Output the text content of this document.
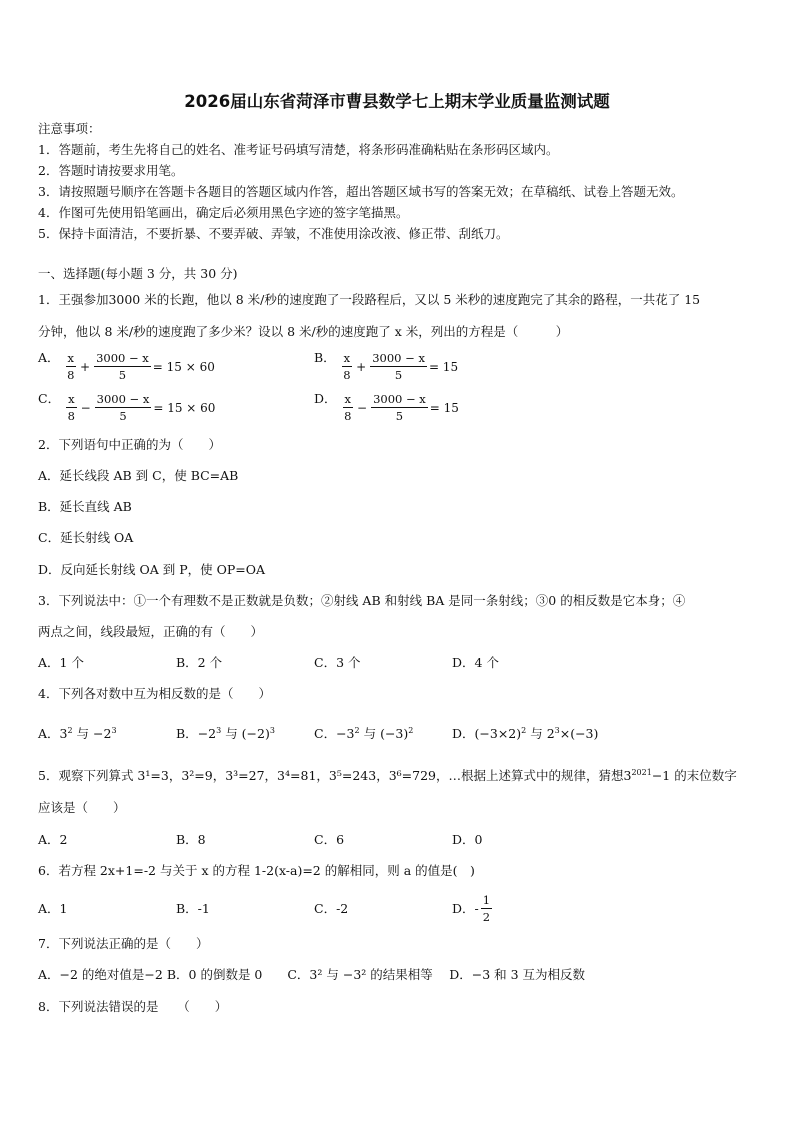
2026届山东省菏泽市曹县数学七上期末学业质量监测试题
注意事项：
1．答题前，考生先将自己的姓名、准考证号码填写清楚，将条形码准确粘贴在条形码区域内。
2．答题时请按要求用笔。
3．请按照题号顺序在答题卡各题目的答题区域内作答，超出答题区域书写的答案无效；在草稿纸、试卷上答题无效。
4．作图可先使用铅笔画出，确定后必须用黑色字迹的签字笔描黑。
5．保持卡面清洁，不要折暴、不要弄破、弄皱，不准使用涂改液、修正带、刮纸刀。
一、选择题(每小题 3 分，共 30 分)
1．王强参加3000 米的长跑，他以 8 米/秒的速度跑了一段路程后，又以 5 米秒的速度跑完了其余的路程，一共花了 15
分钟，他以 8 米/秒的速度跑了多少米？设以 8 米/秒的速度跑了 x 米，列出的方程是（　　　）
A． $\frac{x}{8} + \frac{3000 - x}{5} = 15 \times 60$
B． $\frac{x}{8} + \frac{3000 - x}{5} = 15$
C． $\frac{x}{8} - \frac{3000 - x}{5} = 15 \times 60$
D． $\frac{x}{8} - \frac{3000 - x}{5} = 15$
2．下列语句中正确的为（　　）
A．延长线段 AB 到 C，使 BC=AB
B．延长直线 AB
C．延长射线 OA
D．反向延长射线 OA 到 P，使 OP=OA
3．下列说法中：①一个有理数不是正数就是负数；②射线 AB 和射线 BA 是同一条射线；③0 的相反数是它本身；④
两点之间，线段最短，正确的有（　　）
A．1 个	B．2 个	C．3 个	D．4 个
4．下列各对数中互为相反数的是（　　）
A．$3^2$ 与 $-2^3$	B．$-2^3$ 与 $(-2)^3$	C．$-3^2$ 与 $(-3)^2$	D．$(-3\times 2)^2$ 与 $2^3\times(-3)$
5．观察下列算式 3¹=3，3²=9，3³=27，3⁴=81，3⁵=243，3⁶=729，…根据上述算式中的规律，猜想$3^{2021}-1$ 的末位数字
应该是（　　）
A．2	B．8	C．6	D．0
6．若方程 2x+1=-2 与关于 x 的方程 1-2(x-a)=2 的解相同，则 a 的值是(　)
A．1	B．-1	C．-2	D．- $\frac{1}{2}$
7．下列说法正确的是（　　）
A．−2 的绝对值是−2 B．0 的倒数是 0　　C．3² 与 −3² 的结果相等　 D．−3 和 3 互为相反数
8．下列说法错误的是　　（　　）
